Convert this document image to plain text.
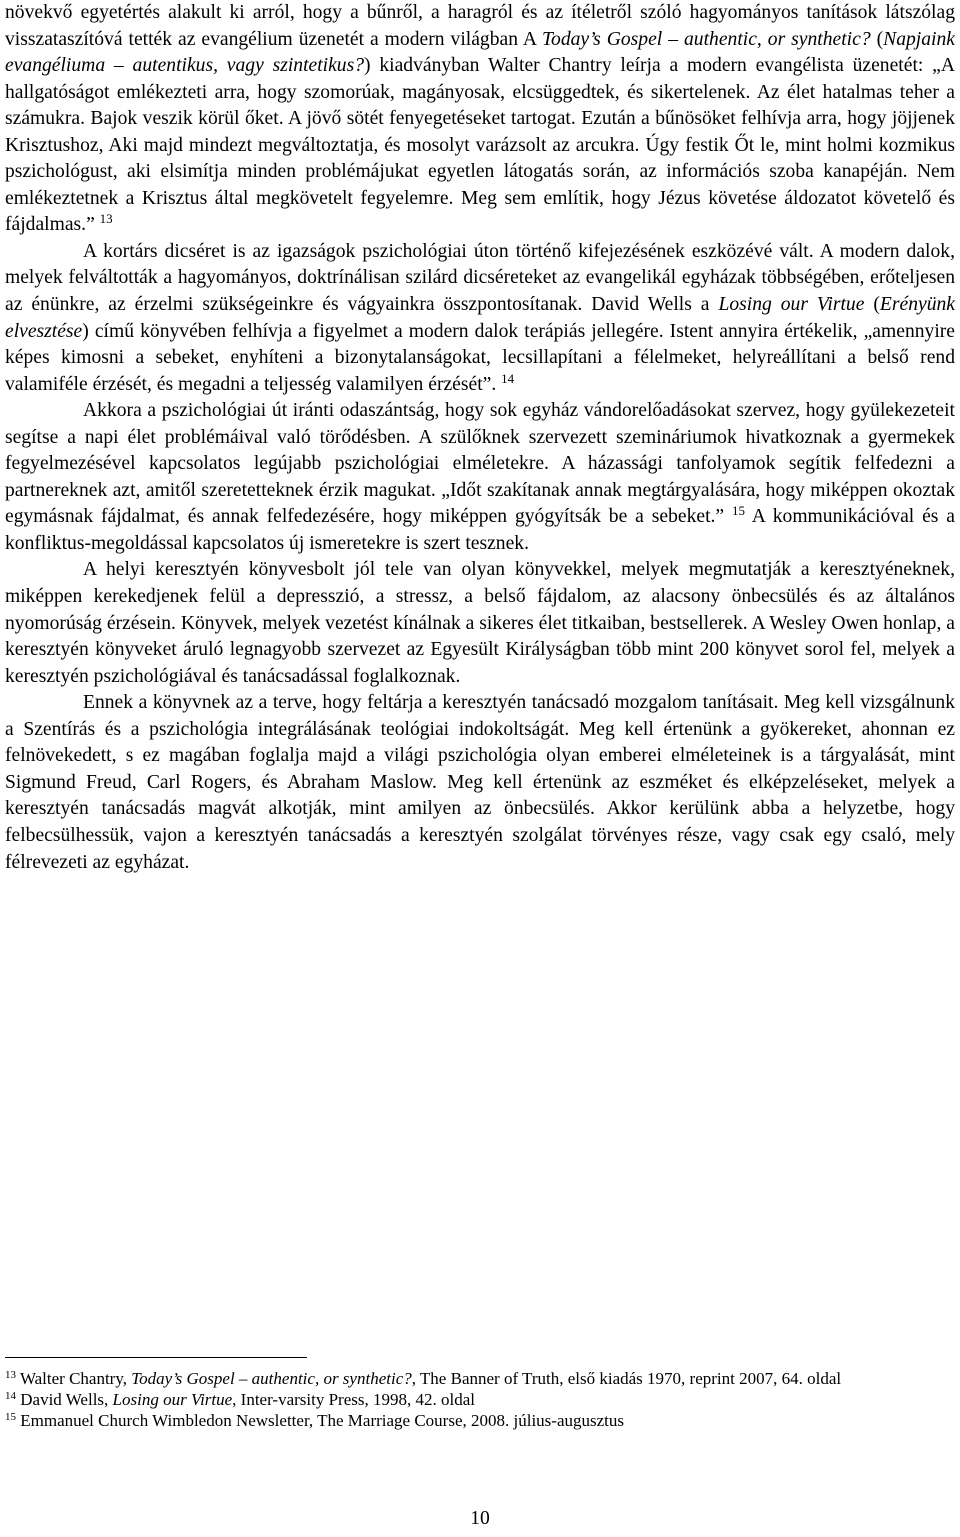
növekvő egyetértés alakult ki arról, hogy a bűnről, a haragról és az ítéletről szóló hagyományos tanítások látszólag visszataszítóvá tették az evangélium üzenetét a modern világban A Today’s Gospel – authentic, or synthetic? (Napjaink evangéliuma – autentikus, vagy szintetikus?) kiadványban Walter Chantry leírja a modern evangélista üzenetét: „A hallgatóságot emlékezteti arra, hogy szomorúak, magányosak, elcsüggedtek, és sikertelenek. Az élet hatalmas teher a számukra. Bajok veszik körül őket. A jövő sötét fenyegetéseket tartogat. Ezután a bűnösöket felhívja arra, hogy jöjjenek Krisztushoz, Aki majd mindezt megváltoztatja, és mosolyt varázsolt az arcukra. Úgy festik Őt le, mint holmi kozmikus pszichológust, aki elsimítja minden problémájukat egyetlen látogatás során, az információs szoba kanapéján. Nem emlékeztetnek a Krisztus által megkövetelt fegyelemre. Meg sem említik, hogy Jézus követése áldozatot követelő és fájdalmas.” $^{13}$

A kortárs dicséret is az igazságok pszichológiai úton történő kifejezésének eszközévé vált. A modern dalok, melyek felváltották a hagyományos, doktrínálisan szilárd dicséreteket az evangelikál egyházak többségében, erőteljesen az énünkre, az érzelmi szükségeinkre és vágyainkra összpontosítanak. David Wells a Losing our Virtue (Erényünk elvesztése) című könyvében felhívja a figyelmet a modern dalok terápiás jellegére. Istent annyira értékelik, „amennyire képes kimosni a sebeket, enyhíteni a bizonytalanságokat, lecsillapítani a félelmeket, helyreállítani a belső rend valamiféle érzését, és megadni a teljesség valamilyen érzését”. $^{14}$

Akkora a pszichológiai út iránti odaszántság, hogy sok egyház vándorelőadásokat szervez, hogy gyülekezeteit segítse a napi élet problémáival való törődésben. A szülőknek szervezett szemináriumok hivatkoznak a gyermekek fegyelmezésével kapcsolatos legújabb pszichológiai elméletekre. A házassági tanfolyamok segítik felfedezni a partnereknek azt, amitől szeretetteknek érzik magukat. „Időt szakítanak annak megtárgyalására, hogy miképpen okoztak egymásnak fájdalmat, és annak felfedezésére, hogy miképpen gyógyítsák be a sebeket.” $^{15}$ A kommunikációval és a konfliktus-megoldással kapcsolatos új ismeretekre is szert tesznek.

A helyi keresztyén könyvesbolt jól tele van olyan könyvekkel, melyek megmutatják a keresztyéneknek, miképpen kerekedjenek felül a depresszió, a stressz, a belső fájdalom, az alacsony önbecsülés és az általános nyomorúság érzésein. Könyvek, melyek vezetést kínálnak a sikeres élet titkaiban, bestsellerek. A Wesley Owen honlap, a keresztyén könyveket áruló legnagyobb szervezet az Egyesült Királyságban több mint 200 könyvet sorol fel, melyek a keresztyén pszichológiával és tanácsadással foglalkoznak.

Ennek a könyvnek az a terve, hogy feltárja a keresztyén tanácsadó mozgalom tanításait. Meg kell vizsgálnunk a Szentírás és a pszichológia integrálásának teológiai indokoltságát. Meg kell értenünk a gyökereket, ahonnan ez felnövekedett, s ez magában foglalja majd a világi pszichológia olyan emberei elméleteinek is a tárgyalását, mint Sigmund Freud, Carl Rogers, és Abraham Maslow. Meg kell értenünk az eszméket és elképzeléseket, melyek a keresztyén tanácsadás magvát alkotják, mint amilyen az önbecsülés. Akkor kerülünk abba a helyzetbe, hogy felbecsülhessük, vajon a keresztyén tanácsadás a keresztyén szolgálat törvényes része, vagy csak egy csaló, mely félrevezeti az egyházat.

$^{13}$ Walter Chantry, Today’s Gospel – authentic, or synthetic?, The Banner of Truth, első kiadás 1970, reprint 2007, 64. oldal

$^{14}$ David Wells, Losing our Virtue, Inter-varsity Press, 1998, 42. oldal

$^{15}$ Emmanuel Church Wimbledon Newsletter, The Marriage Course, 2008. július-augusztus

10
